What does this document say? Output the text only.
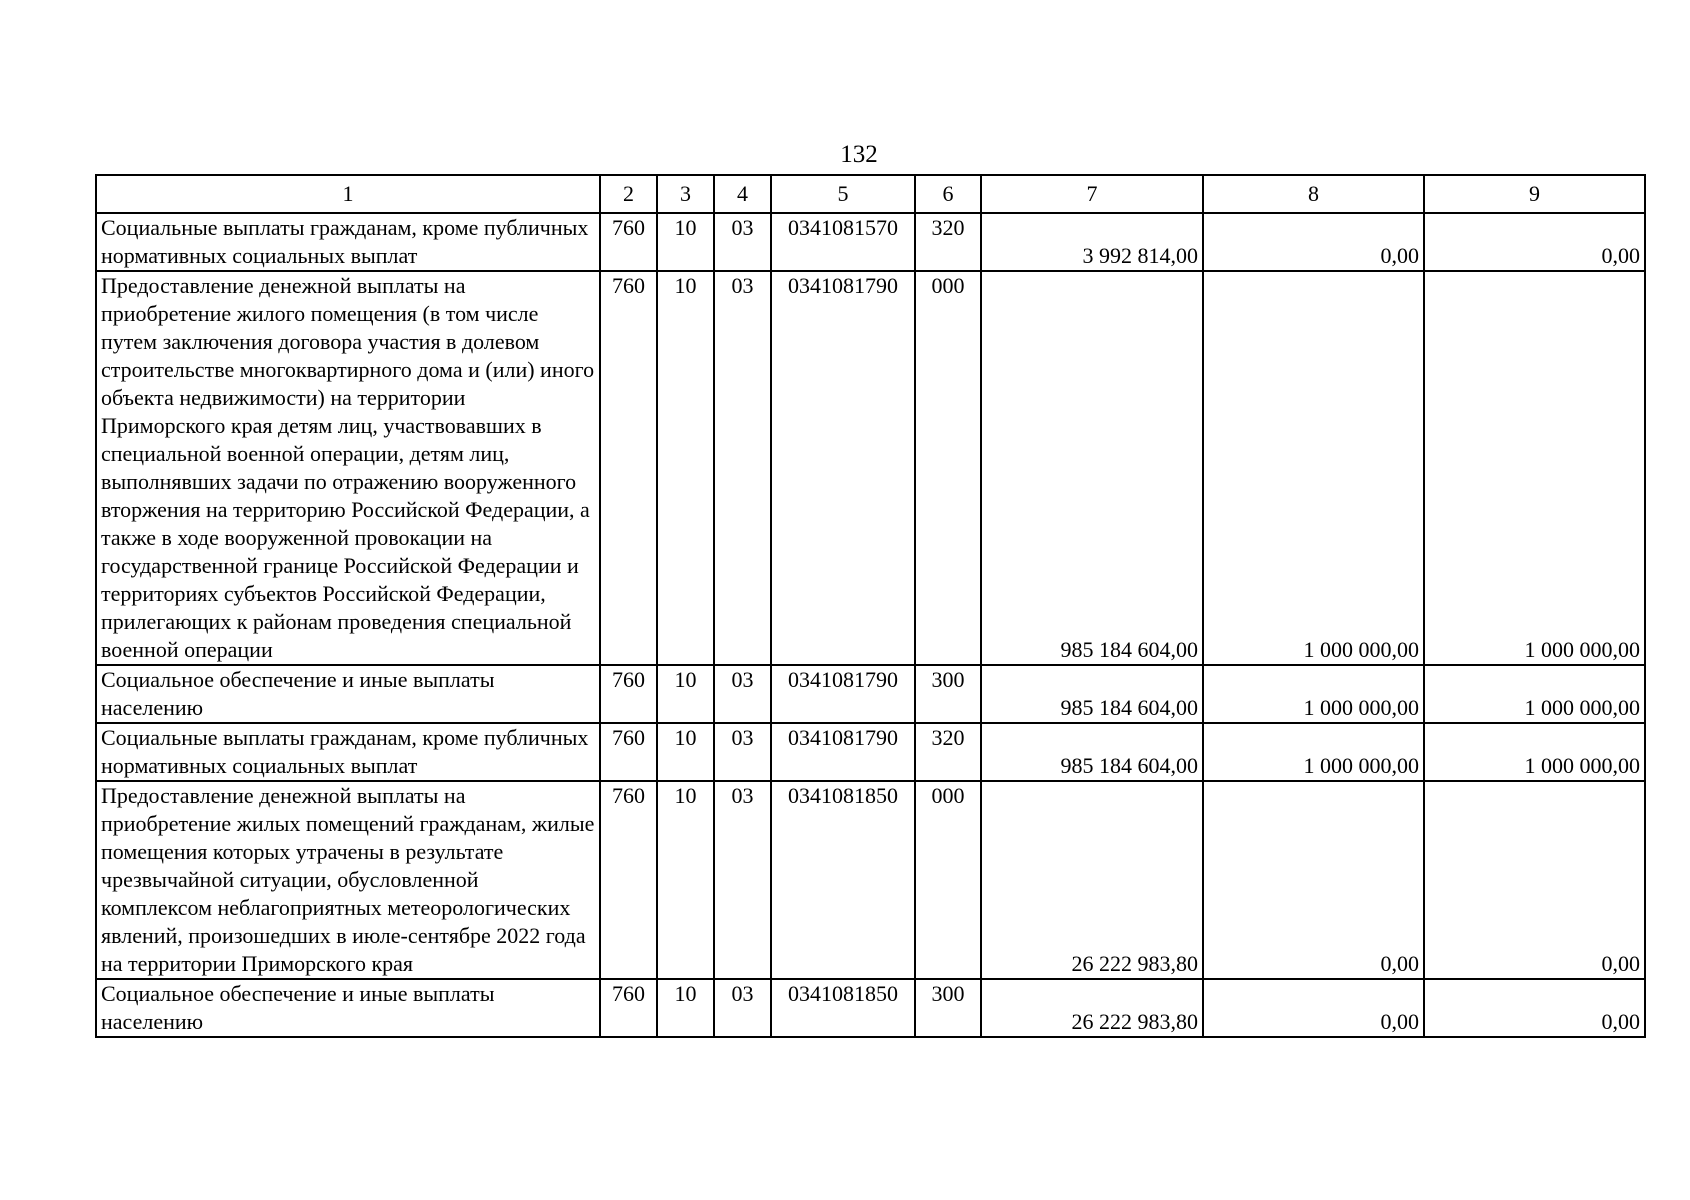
132
1	2	3	4	5	6	7	8	9
Социальные выплаты гражданам, кроме публичных нормативных социальных выплат	760	10	03	0341081570	320	3 992 814,00	0,00	0,00
Предоставление денежной выплаты на приобретение жилого помещения (в том числе путем заключения договора участия в долевом строительстве многоквартирного дома и (или) иного объекта недвижимости) на территории Приморского края детям лиц, участвовавших в специальной военной операции, детям лиц, выполнявших задачи по отражению вооруженного вторжения на территорию Российской Федерации, а также в ходе вооруженной провокации на государственной границе Российской Федерации и территориях субъектов Российской Федерации, прилегающих к районам проведения специальной военной операции	760	10	03	0341081790	000	985 184 604,00	1 000 000,00	1 000 000,00
Социальное обеспечение и иные выплаты населению	760	10	03	0341081790	300	985 184 604,00	1 000 000,00	1 000 000,00
Социальные выплаты гражданам, кроме публичных нормативных социальных выплат	760	10	03	0341081790	320	985 184 604,00	1 000 000,00	1 000 000,00
Предоставление денежной выплаты на приобретение жилых помещений гражданам, жилые помещения которых утрачены в результате чрезвычайной ситуации, обусловленной комплексом неблагоприятных метеорологических явлений, произошедших в июле-сентябре 2022 года на территории Приморского края	760	10	03	0341081850	000	26 222 983,80	0,00	0,00
Социальное обеспечение и иные выплаты населению	760	10	03	0341081850	300	26 222 983,80	0,00	0,00
